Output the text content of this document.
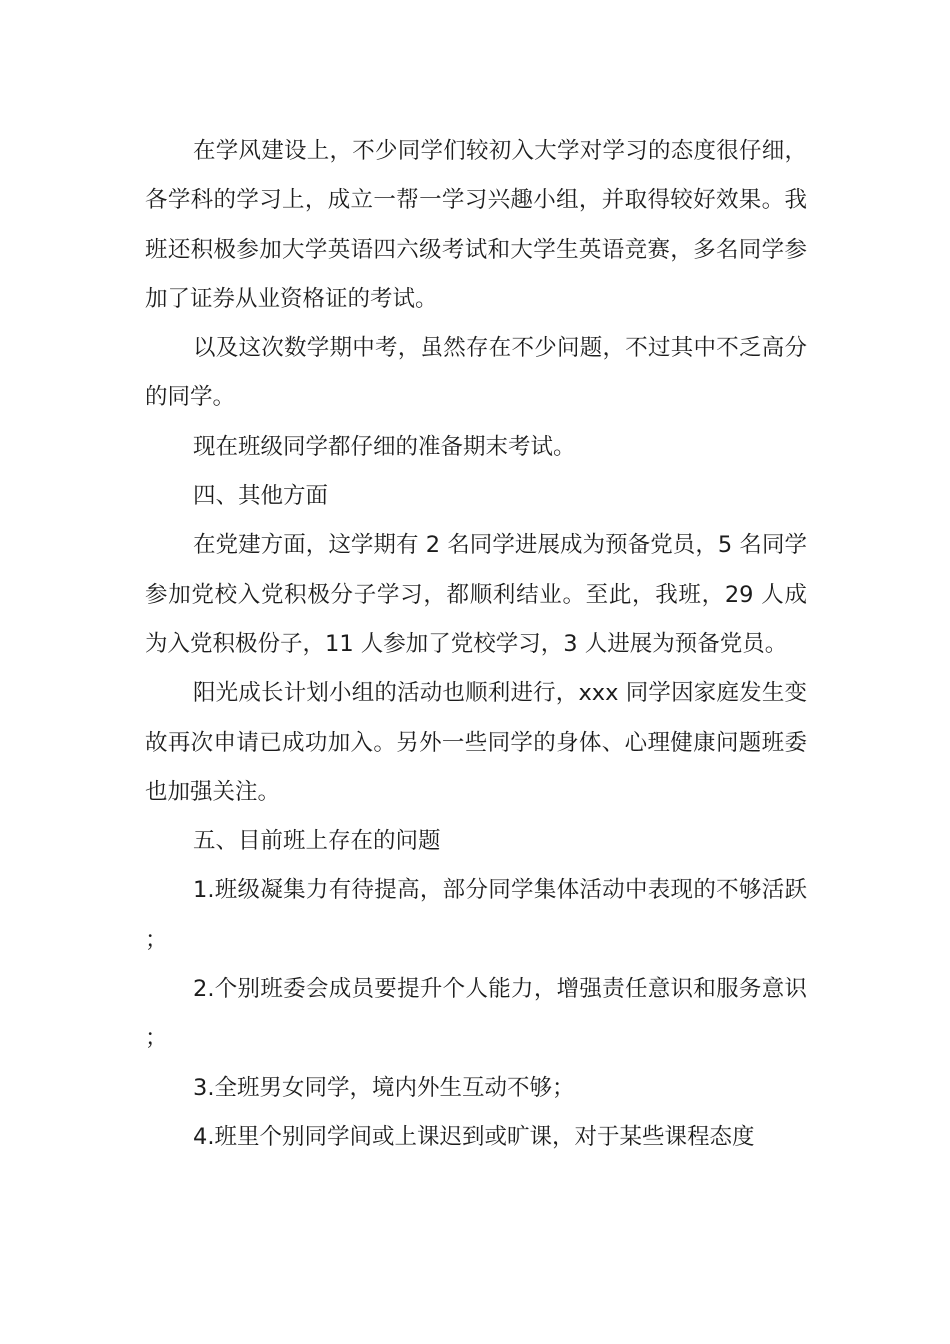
在学风建设上，不少同学们较初入大学对学习的态度很仔细，各学科的学习上，成立一帮一学习兴趣小组，并取得较好效果。我班还积极参加大学英语四六级考试和大学生英语竞赛，多名同学参加了证券从业资格证的考试。

以及这次数学期中考，虽然存在不少问题，不过其中不乏高分的同学。

现在班级同学都仔细的准备期末考试。

四、其他方面

在党建方面，这学期有 2 名同学进展成为预备党员，5 名同学参加党校入党积极分子学习，都顺利结业。至此，我班，29 人成为入党积极份子，11 人参加了党校学习，3 人进展为预备党员。

阳光成长计划小组的活动也顺利进行，xxx 同学因家庭发生变故再次申请已成功加入。另外一些同学的身体、心理健康问题班委也加强关注。

五、目前班上存在的问题

1.班级凝集力有待提高，部分同学集体活动中表现的不够活跃；

2.个别班委会成员要提升个人能力，增强责任意识和服务意识 ；

3.全班男女同学，境内外生互动不够；

4.班里个别同学间或上课迟到或旷课，对于某些课程态度
